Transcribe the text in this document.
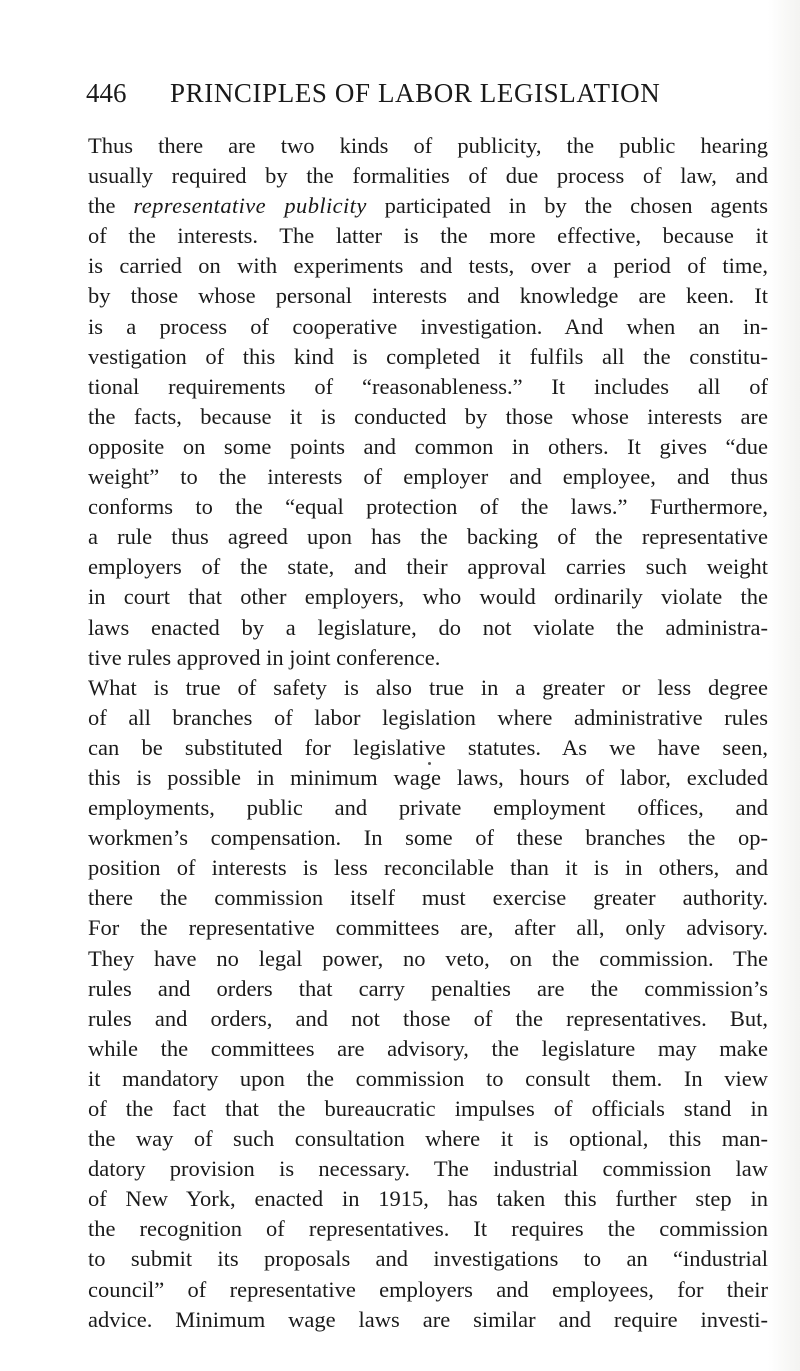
446 PRINCIPLES OF LABOR LEGISLATION
Thus there are two kinds of publicity, the public hearing
usually required by the formalities of due process of law, and
the representative publicity participated in by the chosen agents
of the interests. The latter is the more effective, because it
is carried on with experiments and tests, over a period of time,
by those whose personal interests and knowledge are keen. It
is a process of cooperative investigation. And when an in-
vestigation of this kind is completed it fulfils all the constitu-
tional requirements of “reasonableness.” It includes all of
the facts, because it is conducted by those whose interests are
opposite on some points and common in others. It gives “due
weight” to the interests of employer and employee, and thus
conforms to the “equal protection of the laws.” Furthermore,
a rule thus agreed upon has the backing of the representative
employers of the state, and their approval carries such weight
in court that other employers, who would ordinarily violate the
laws enacted by a legislature, do not violate the administra-
tive rules approved in joint conference.
What is true of safety is also true in a greater or less degree
of all branches of labor legislation where administrative rules
can be substituted for legislative statutes. As we have seen,
this is possible in minimum wage laws, hours of labor, excluded
employments, public and private employment offices, and
workmen’s compensation. In some of these branches the op-
position of interests is less reconcilable than it is in others, and
there the commission itself must exercise greater authority.
For the representative committees are, after all, only advisory.
They have no legal power, no veto, on the commission. The
rules and orders that carry penalties are the commission’s
rules and orders, and not those of the representatives. But,
while the committees are advisory, the legislature may make
it mandatory upon the commission to consult them. In view
of the fact that the bureaucratic impulses of officials stand in
the way of such consultation where it is optional, this man-
datory provision is necessary. The industrial commission law
of New York, enacted in 1915, has taken this further step in
the recognition of representatives. It requires the commission
to submit its proposals and investigations to an “industrial
council” of representative employers and employees, for their
advice. Minimum wage laws are similar and require investi-
